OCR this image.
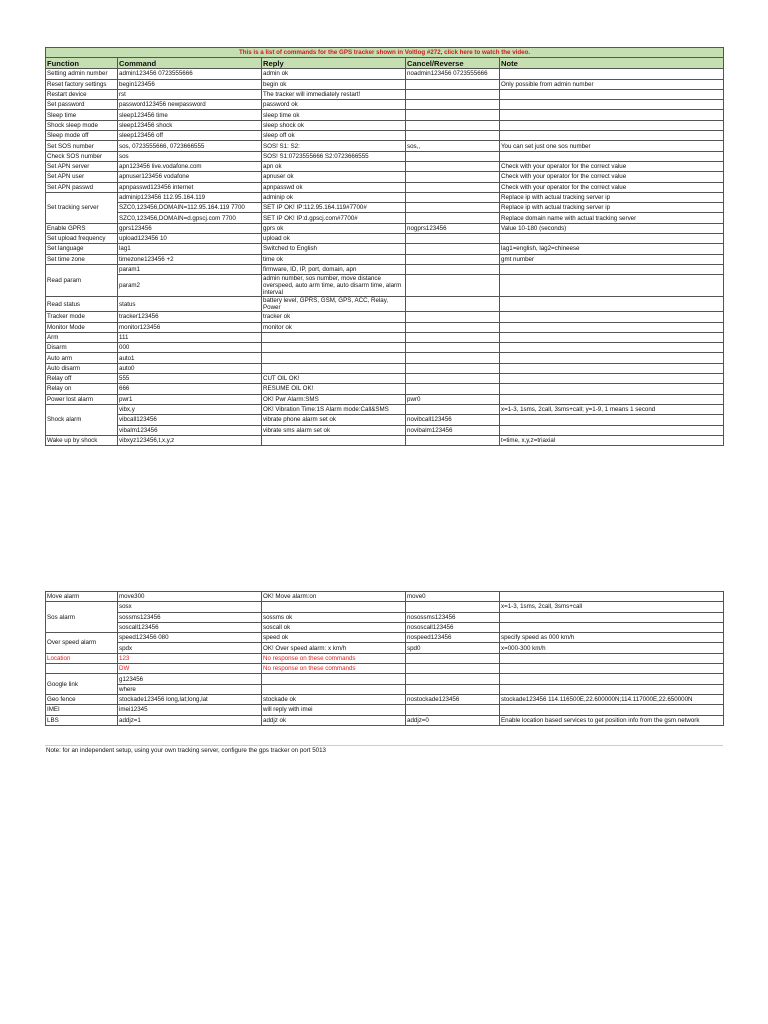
This is a list of commands for the GPS tracker shown in Voltlog #272, click here to watch the video.				
Function	Command	Reply	Cancel/Reverse	Note
Setting admin number	admin123456 0723555666	admin ok	noadmin123456 0723555666	
Reset factory settings	begin123456	begin ok		Only possible from admin number
Restart device	rst	The tracker will immediately restart!		
Set password	password123456 newpassword	password ok		
Sleep time	sleep123456 time	sleep time ok		
Shock sleep mode	sleep123456 shock	sleep shock ok		
Sleep mode off	sleep123456 off	sleep off ok		
Set SOS number	sos, 0723555666, 0723666555	SOS! S1: S2:	sos,,	You can set just one sos number
Check SOS number	sos	SOS! S1:0723555666 S2:0723666555		
Set APN server	apn123456 live.vodafone.com	apn ok		Check with your operator for the correct value
Set APN user	apnuser123456 vodafone	apnuser ok		Check with your operator for the correct value
Set APN passwd	apnpasswd123456 internet	apnpasswd ok		Check with your operator for the correct value
Set tracking server	adminip123456 112.95.164.119	adminip ok		Replace ip with actual tracking server ip
	SZC0,123456,DOMAIN=112.95.164.119 7700	SET IP OK! IP:112.95.164.119#7700#		Replace ip with actual tracking server ip
	SZC0,123456,DOMAIN=d.gpscj.com 7700	SET IP OK! IP:d.gpscj.com#7700#		Replace domain name with actual tracking server
Enable GPRS	gprs123456	gprs ok	nogprs123456	Value 10-180 (seconds)
Set upload frequency	upload123456 10	upload ok		
Set language	lag1	Switched to English		lag1=english, lag2=chineese
Set time zone	timezone123456 +2	time ok		gmt number
Read param	param1	firmware, ID, IP, port, domain, apn		
	param2	admin number, sos number, move distance overspeed, auto arm time, auto disarm time, alarm interval		
Read status	status	battery level, GPRS, GSM, GPS, ACC, Relay, Power		
Tracker mode	tracker123456	tracker ok		
Monitor Mode	monitor123456	monitor ok		
Arm	111			
Disarm	000			
Auto arm	auto1			
Auto disarm	auto0			
Relay off	555	CUT OIL OK!		
Relay on	666	RESUME OIL OK!		
Power lost alarm	pwr1	OK! Pwr Alarm:SMS	pwr0	
Shock alarm	vibx,y	OK! Vibration Time:1S Alarm mode:Call&SMS		x=1-3, 1sms, 2call, 3sms+call; y=1-9, 1 means 1 second
	vibcall123456	vibrate phone alarm set ok	novibcall123456	
	vibalm123456	vibrate sms alarm set ok	novibalm123456	
Wake up by shock	vibxyz123456,t,x,y,z			t=time, x,y,z=triaxial
Move alarm	move300	OK! Move alarm:on	move0	
Sos alarm	sosx			x=1-3, 1sms, 2call, 3sms+call
	sossms123456	sossms ok	nosossms123456	
	soscall123456	soscall ok	nososcall123456	
Over speed alarm	speed123456 080	speed ok	nospeed123456	specify speed as 000 km/h
	spdx	OK! Over speed alarm: x km/h	spd0	x=000-300 km/h
Location	123	No response on these commands		
	DW	No response on these commands		
Google link	g123456			
	where			
Geo fence	stockade123456 long,lat;long,lat	stockade ok	nostockade123456	stockade123456 114.116500E,22.600000N;114.117000E,22.650000N
IMEI	imei12345	will reply with imei		
LBS	addjz=1	addjz ok	addjz=0	Enable location based services to get position info from the gsm network
Note: for an independent setup, using your own tracking server, configure the gps tracker on port 5013
